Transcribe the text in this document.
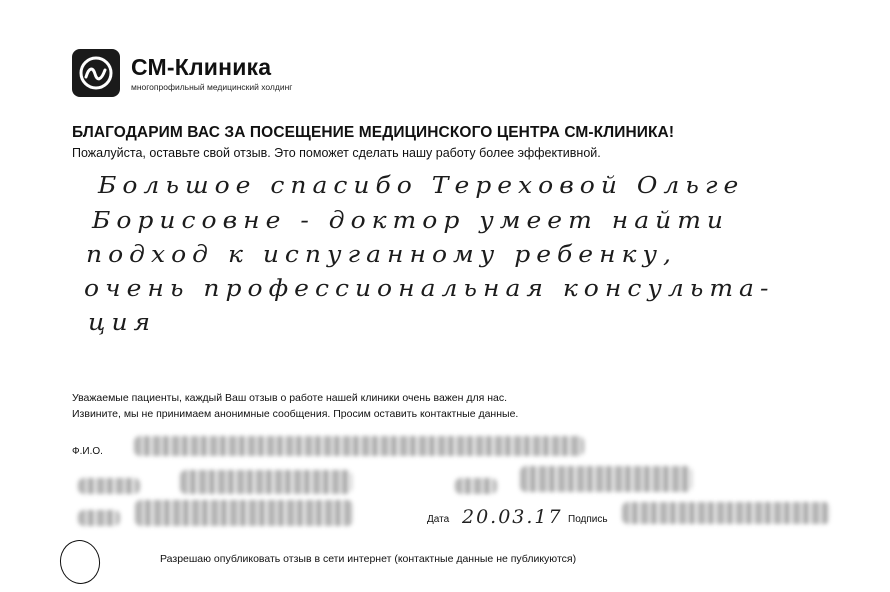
СМ-Клиника
многопрофильный медицинский холдинг
БЛАГОДАРИМ ВАС ЗА ПОСЕЩЕНИЕ МЕДИЦИНСКОГО ЦЕНТРА СМ-КЛИНИКА!
Пожалуйста, оставьте свой отзыв. Это поможет сделать нашу работу более эффективной.
Большое спасибо Тереховой Ольге
Борисовне - доктор умеет найти
подход к испуганному ребенку,
очень профессиональная консульта-
ция
Уважаемые пациенты, каждый Ваш отзыв о работе нашей клиники очень важен для нас.
Извините, мы не принимаем анонимные сообщения. Просим оставить контактные данные.
Ф.И.О.
Дата 20.03.17 Подпись
Разрешаю опубликовать отзыв в сети интернет (контактные данные не публикуются)
